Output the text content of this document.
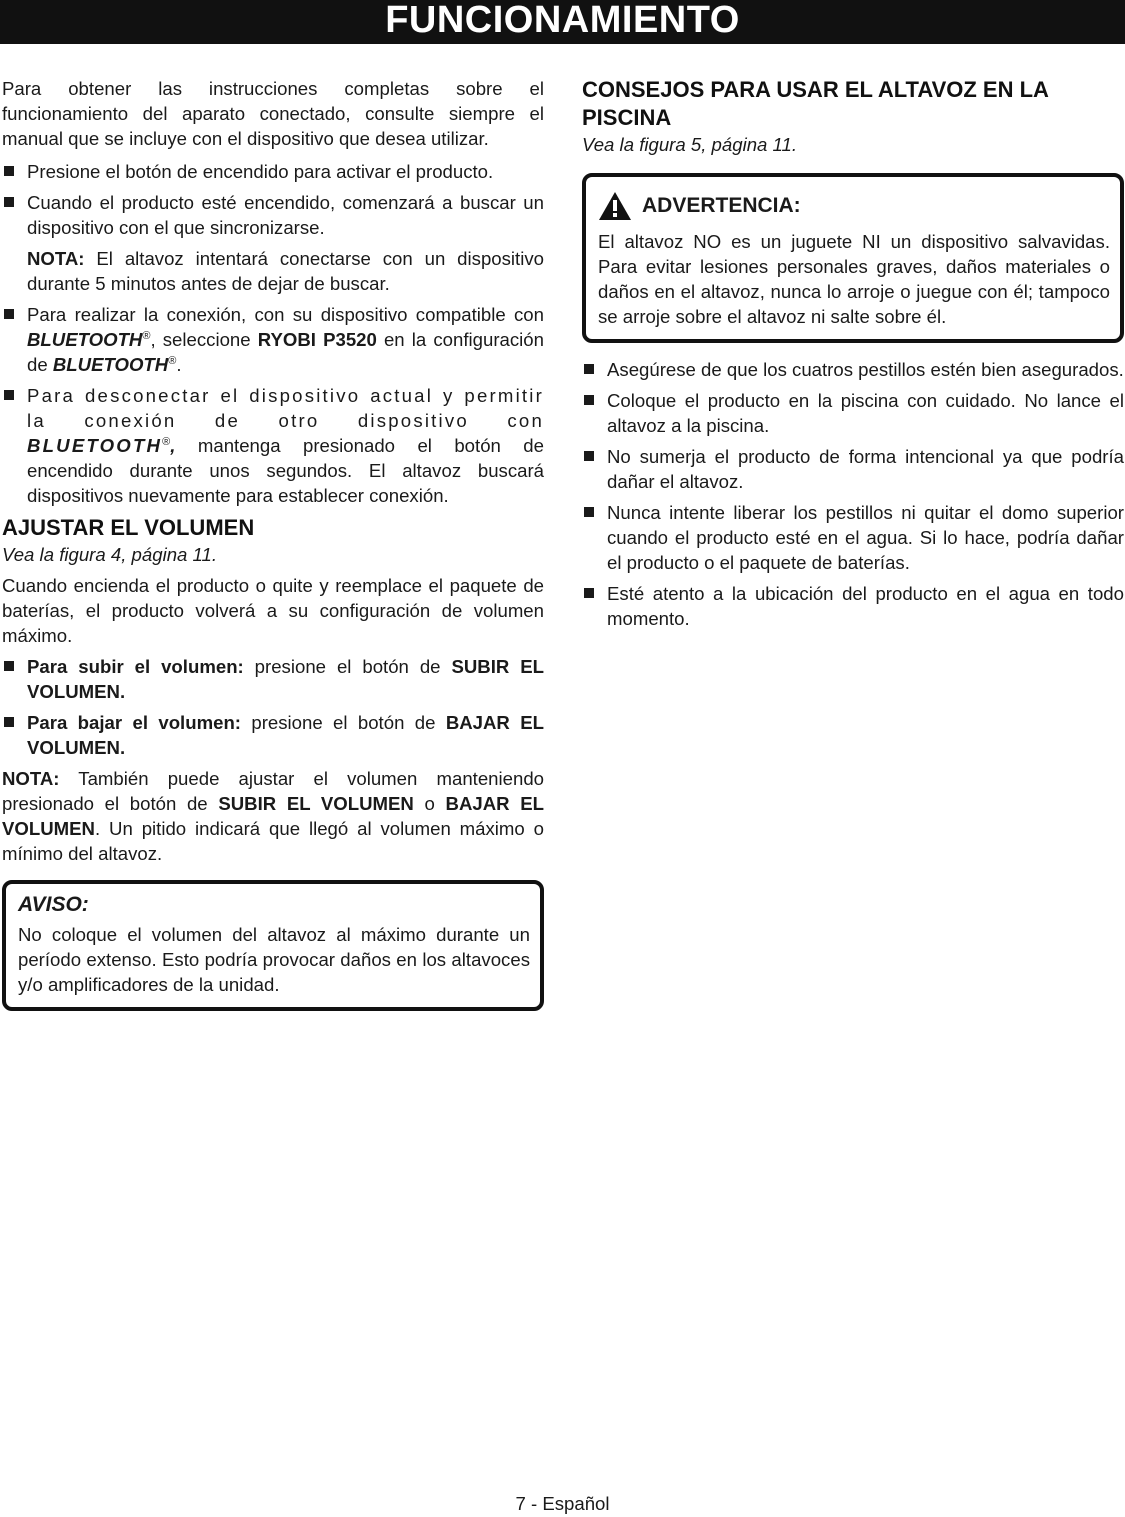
FUNCIONAMIENTO

Para obtener las instrucciones completas sobre el funcionamiento del aparato conectado, consulte siempre el manual que se incluye con el dispositivo que desea utilizar.

Presione el botón de encendido para activar el producto.
Cuando el producto esté encendido, comenzará a buscar un dispositivo con el que sincronizarse.

NOTA: El altavoz intentará conectarse con un dispositivo durante 5 minutos antes de dejar de buscar.

Para realizar la conexión, con su dispositivo compatible con BLUETOOTH®, seleccione RYOBI P3520 en la configuración de BLUETOOTH®.
Para desconectar el dispositivo actual y permitir la conexión de otro dispositivo con BLUETOOTH®, mantenga presionado el botón de encendido durante unos segundos. El altavoz buscará dispositivos nuevamente para establecer conexión.
AJUSTAR EL VOLUMEN

Vea la figura 4, página 11.

Cuando encienda el producto o quite y reemplace el paquete de baterías, el producto volverá a su configuración de volumen máximo.

Para subir el volumen: presione el botón de SUBIR EL VOLUMEN.
Para bajar el volumen: presione el botón de BAJAR EL VOLUMEN.

NOTA: También puede ajustar el volumen manteniendo presionado el botón de SUBIR EL VOLUMEN o BAJAR EL VOLUMEN. Un pitido indicará que llegó al volumen máximo o mínimo del altavoz.

AVISO:

No coloque el volumen del altavoz al máximo durante un período extenso. Esto podría provocar daños en los altavoces y/o amplificadores de la unidad.

CONSEJOS PARA USAR EL ALTAVOZ EN LA PISCINA

Vea la figura 5, página 11.

ADVERTENCIA:

El altavoz NO es un juguete NI un dispositivo salvavidas. Para evitar lesiones personales graves, daños materiales o daños en el altavoz, nunca lo arroje o juegue con él; tampoco se arroje sobre el altavoz ni salte sobre él.

Asegúrese de que los cuatros pestillos estén bien asegurados.
Coloque el producto en la piscina con cuidado. No lance el altavoz a la piscina.
No sumerja el producto de forma intencional ya que podría dañar el altavoz.
Nunca intente liberar los pestillos ni quitar el domo superior cuando el producto esté en el agua. Si lo hace, podría dañar el producto o el paquete de baterías.
Esté atento a la ubicación del producto en el agua en todo momento.
7 - Español
